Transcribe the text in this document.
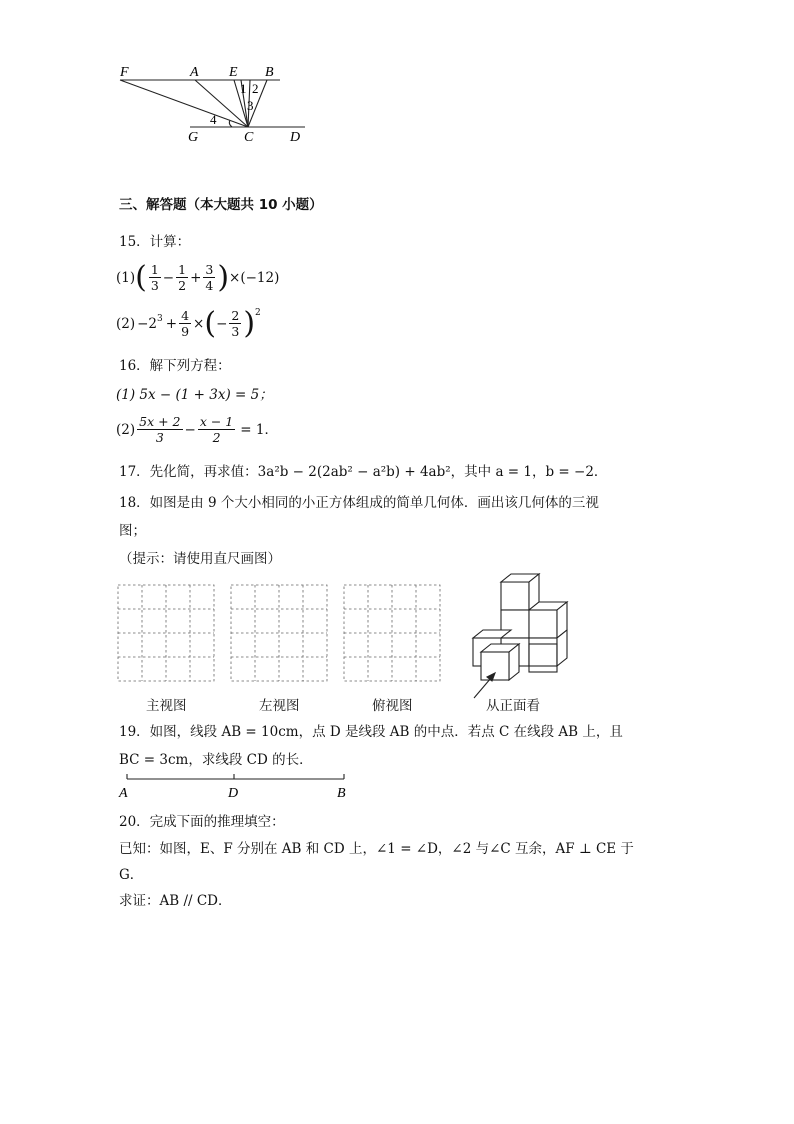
F	A E B
1 2
3
4
G	C	D
三、解答题（本大题共 10 小题）
15．计算：
(1) ( $\frac{1}{3} - \frac{1}{2} + \frac{3}{4}$ ) ×(−12)
$(2) -2^3 + \frac{4}{9}$ × ( − $\frac{2}{3} )^2$
16．解下列方程：
(1) 5x − (1 + 3x) = 5；
$(2) \frac{5x + 2}{3} - \frac{x - 1}{2} = 1$．
17．先化简，再求值：3a²b − 2(2ab² − a²b) + 4ab²，其中 a = 1，b = −2．
18．如图是由 9 个大小相同的小正方体组成的简单几何体．画出该几何体的三视
图；
（提示：请使用直尺画图）
主视图	左视图	俯视图	从正面看
19．如图，线段 AB = 10cm，点 D 是线段 AB 的中点．若点 C 在线段 AB 上，且
BC = 3cm，求线段 CD 的长．
A	D	B
20．完成下面的推理填空：
已知：如图，E、F 分别在 AB 和 CD 上，∠1 = ∠D，∠2 与∠C 互余，AF ⊥ CE 于
G．
求证：AB // CD．
